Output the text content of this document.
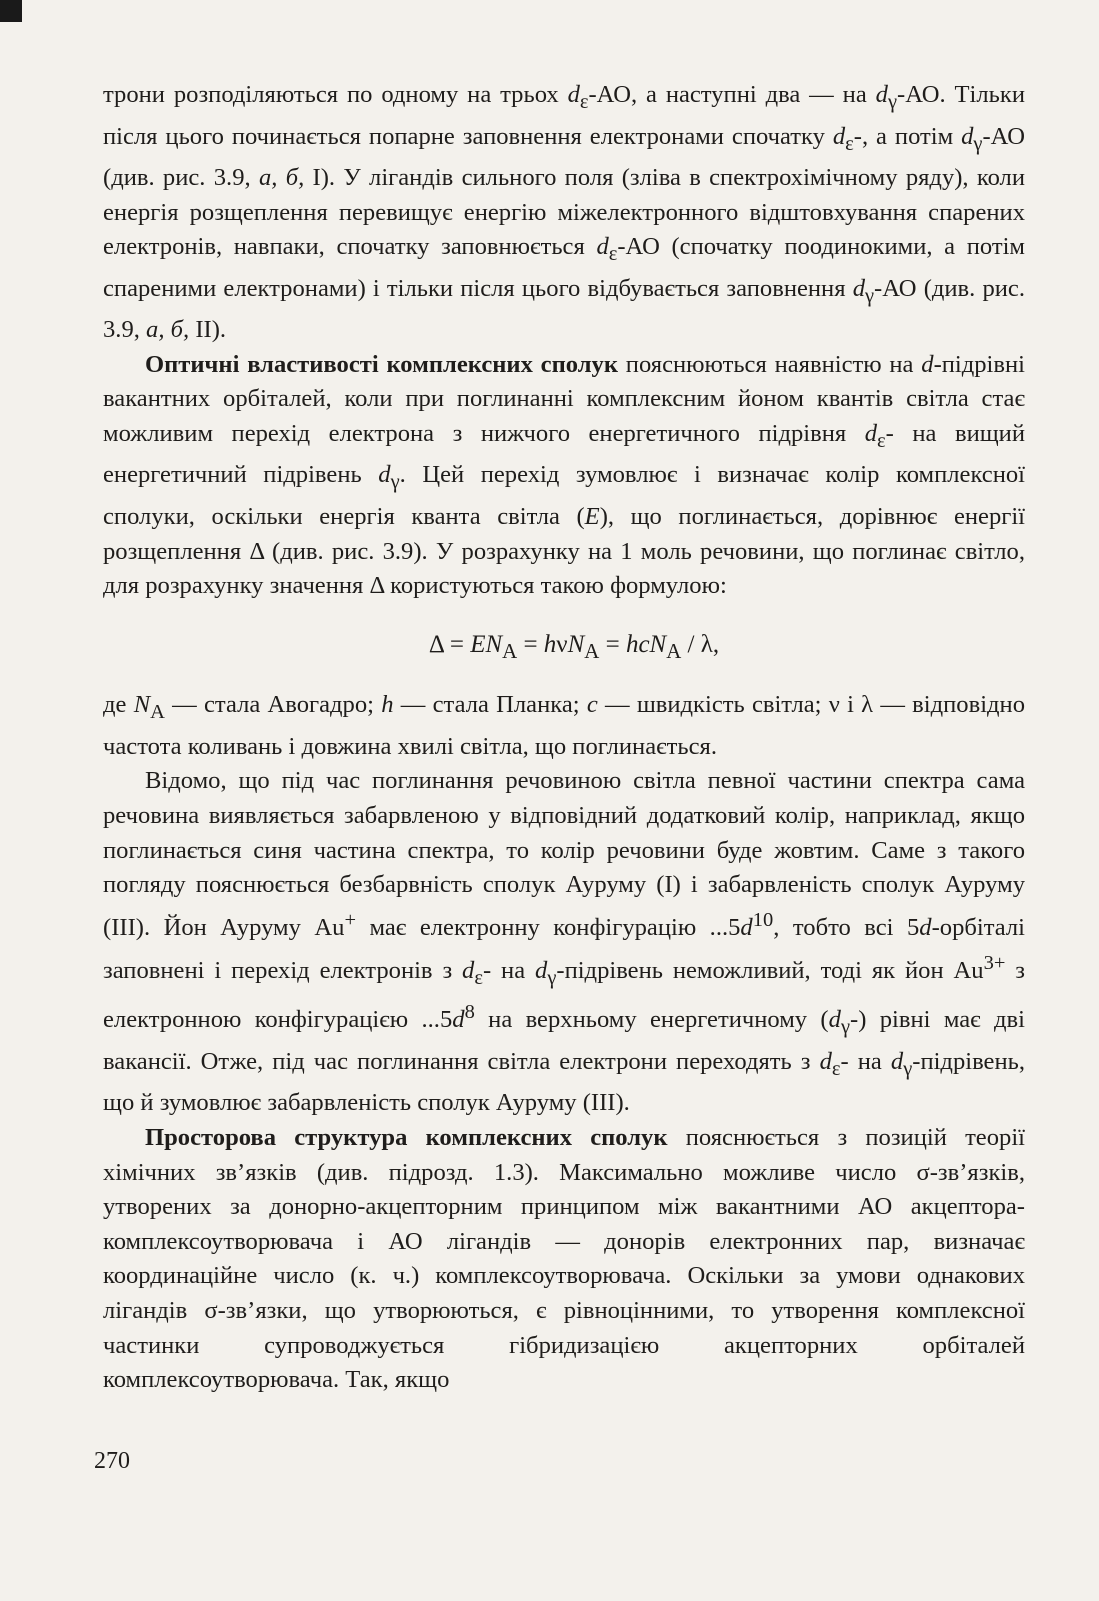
трони розподіляються по одному на трьох $d_\varepsilon-АО$, а наступні два — на $d_\gamma-АО$. Тільки після цього починається попарне заповнення електронами спочатку $d_\varepsilon-$, а потім $d_\gamma-АО$ (див. рис. 3.9, а, б, І). У лігандів сильного поля (зліва в спектрохімічному ряду), коли енергія розщеплення перевищує енергію міжелектронного відштовхування спарених електронів, навпаки, спочатку заповнюється $d_\varepsilon-АО$ (спочатку поодинокими, а потім спареними електронами) і тільки після цього відбувається заповнення $d_\gamma-АО$ (див. рис. 3.9, а, б, ІІ).

Оптичні властивості комплексних сполук пояснюються наявністю на d-підрівні вакантних орбіталей, коли при поглинанні комплексним йоном квантів світла стає можливим перехід електрона з нижчого енергетичного підрівня $d_\varepsilon-$ на вищий енергетичний підрівень $d_\gamma$. Цей перехід зумовлює і визначає колір комплексної сполуки, оскільки енергія кванта світла (E), що поглинається, дорівнює енергії розщеплення Δ (див. рис. 3.9). У розрахунку на 1 моль речовини, що поглинає світло, для розрахунку значення Δ користуються такою формулою:

$\Delta = EN_A = h\nu N_A = hcN_A / \lambda$,

де $N_A$ — стала Авогадро; h — стала Планка; c — швидкість світла; ν і λ — відповідно частота коливань і довжина хвилі світла, що поглинається.

Відомо, що під час поглинання речовиною світла певної частини спектра сама речовина виявляється забарвленою у відповідний додатковий колір, наприклад, якщо поглинається синя частина спектра, то колір речовини буде жовтим. Саме з такого погляду пояснюється безбарвність сполук Ауруму (І) і забарвленість сполук Ауруму (ІІІ). Йон Ауруму Au+ має електронну конфігурацію $...5d^{10}$, тобто всі 5d-орбіталі заповнені і перехід електронів з $d_\varepsilon-$ на $d_\gamma$-підрівень неможливий, тоді як йон $Au^{3+}$ з електронною конфігурацією $...5d^8$ на верхньому енергетичному $(d_\gamma-)$ рівні має дві вакансії. Отже, під час поглинання світла електрони переходять з $d_\varepsilon-$ на $d_\gamma$-підрівень, що й зумовлює забарвленість сполук Ауруму (ІІІ).

Просторова структура комплексних сполук пояснюється з позицій теорії хімічних зв’язків (див. підрозд. 1.3). Максимально можливе число σ-зв’язків, утворених за донорно-акцепторним принципом між вакантними АО акцептора-комплексоутворювача і АО лігандів — донорів електронних пар, визначає координаційне число (к. ч.) комплексоутворювача. Оскільки за умови однакових лігандів σ-зв’язки, що утворюються, є рівноцінними, то утворення комплексної частинки супроводжується гібридизацією акцепторних орбіталей комплексоутворювача. Так, якщо

270
